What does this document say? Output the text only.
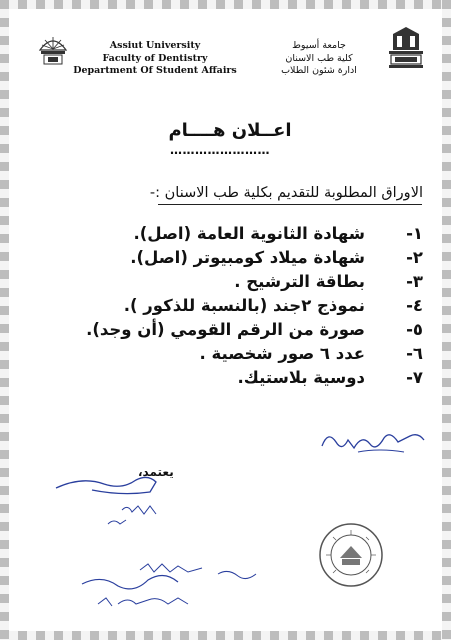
Assiut University
Faculty of Dentistry
Department Of Student Affairs
جامعة أسيوط
كلية طب الاسنان
ادارة شئون الطلاب
اعــلان هــــام
……………………
الاوراق المطلوبة للتقديم بكلية طب الاسنان :-
١-شهادة الثانوية العامة (اصل).
٢-شهادة ميلاد كومبيوتر (اصل).
٣-بطاقة الترشيح .
٤-نموذج ٢جند (بالنسبة للذكور ).
٥-صورة من الرقم القومي (أن وجد).
٦-عدد ٦ صور شخصية .
٧-دوسية بلاستيك.
يعتمد،
